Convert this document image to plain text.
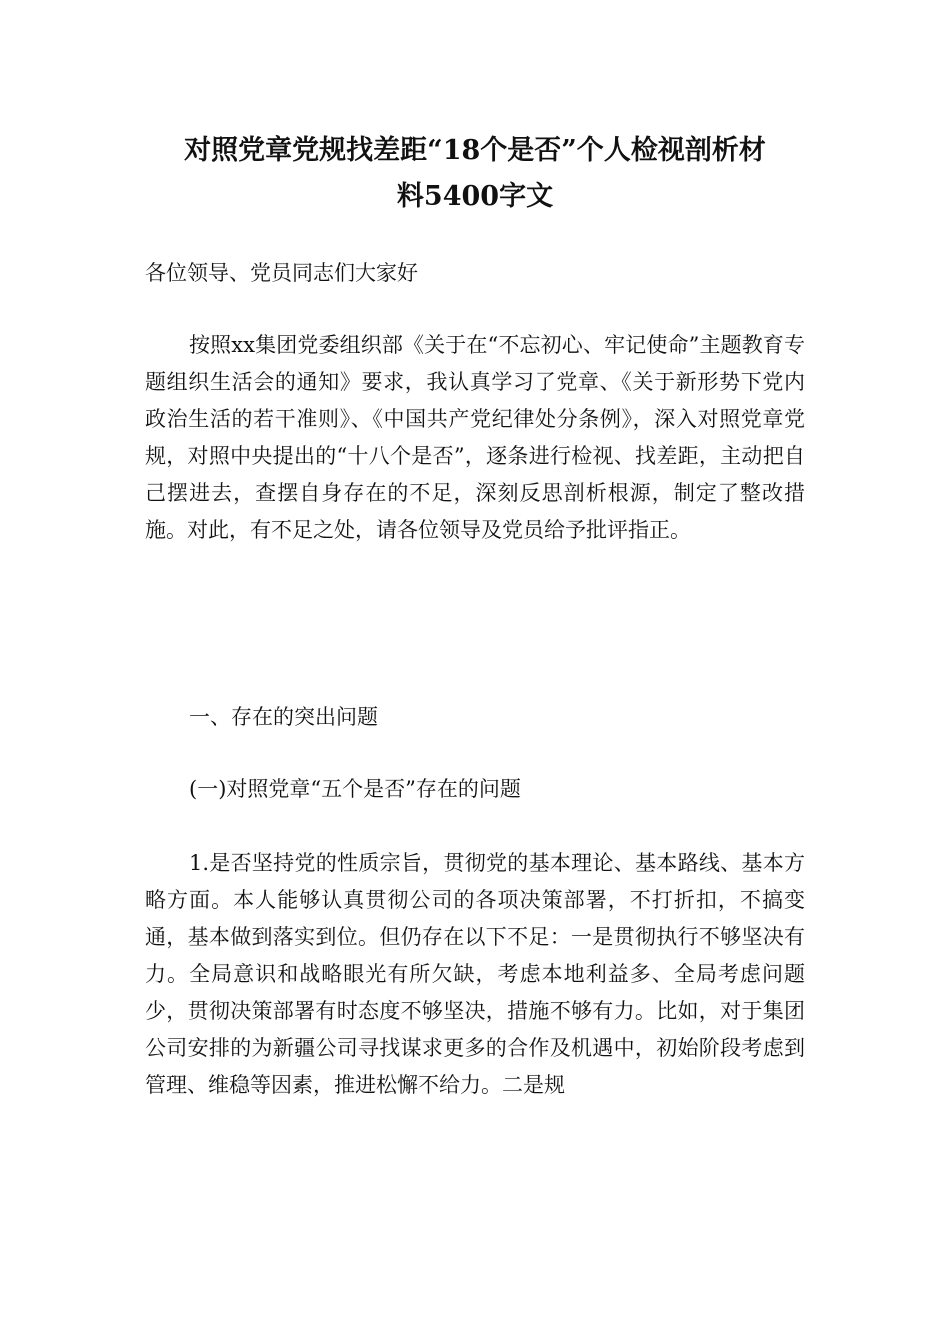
对照党章党规找差距“18个是否”个人检视剖析材
料5400字文

各位领导、党员同志们大家好

按照xx集团党委组织部《关于在“不忘初心、牢记使命”主题教育专题组织生活会的通知》要求，我认真学习了党章、《关于新形势下党内政治生活的若干准则》、《中国共产党纪律处分条例》，深入对照党章党规，对照中央提出的“十八个是否”，逐条进行检视、找差距，主动把自己摆进去，查摆自身存在的不足，深刻反思剖析根源，制定了整改措施。对此，有不足之处，请各位领导及党员给予批评指正。

一、存在的突出问题

(一)对照党章“五个是否”存在的问题

1.是否坚持党的性质宗旨，贯彻党的基本理论、基本路线、基本方略方面。本人能够认真贯彻公司的各项决策部署，不打折扣，不搞变通，基本做到落实到位。但仍存在以下不足：一是贯彻执行不够坚决有力。全局意识和战略眼光有所欠缺，考虑本地利益多、全局考虑问题少，贯彻决策部署有时态度不够坚决，措施不够有力。比如，对于集团公司安排的为新疆公司寻找谋求更多的合作及机遇中，初始阶段考虑到管理、维稳等因素，推进松懈不给力。二是规
